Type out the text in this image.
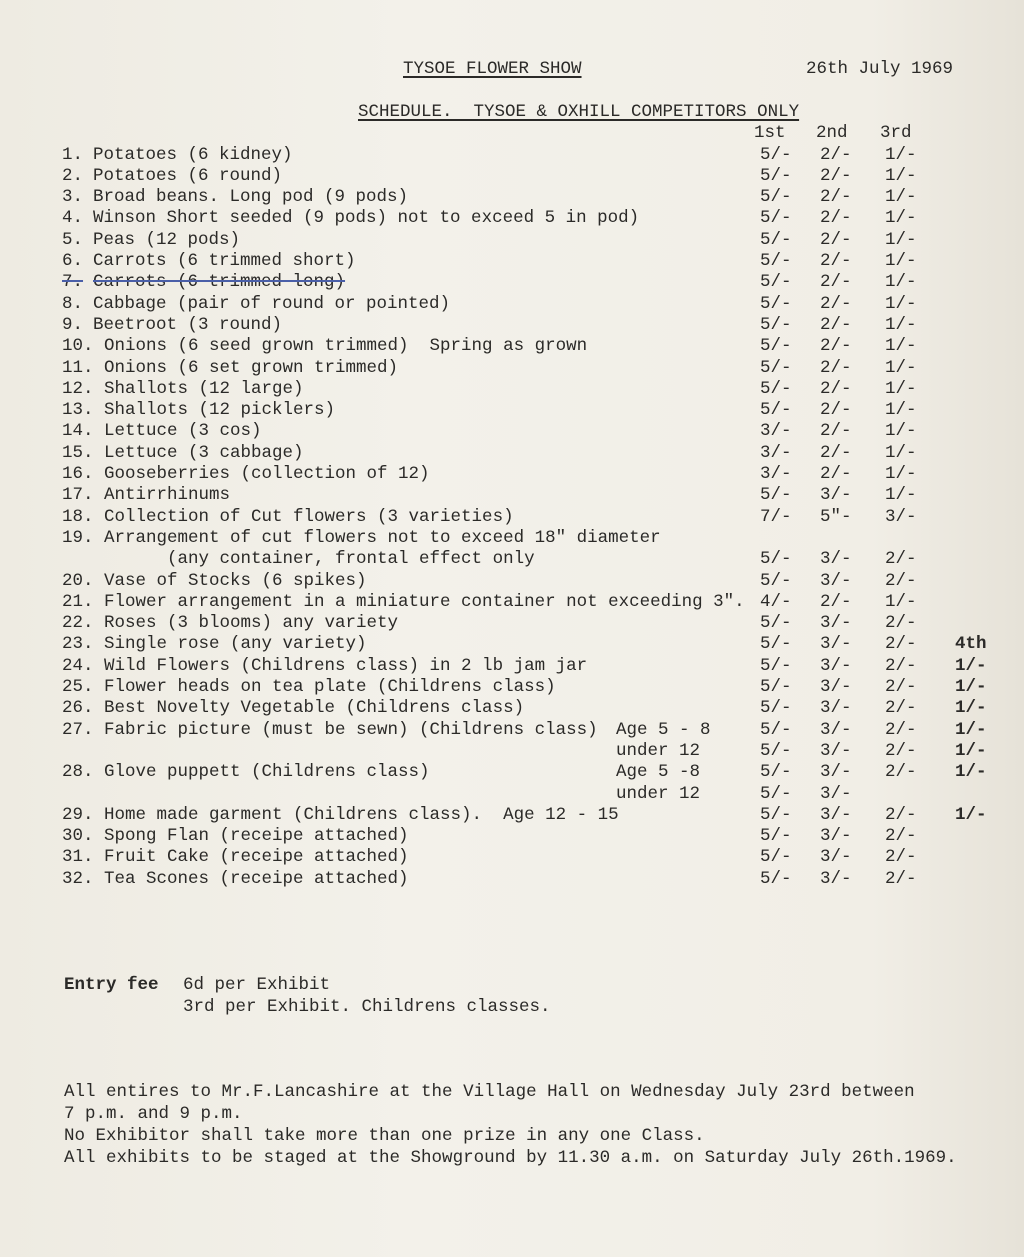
TYSOE FLOWER SHOW	26th July 1969
SCHEDULE.  TYSOE & OXHILL COMPETITORS ONLY
1st 2nd 3rd
1. Potatoes (6 kidney)	5/- 2/- 1/-
2. Potatoes (6 round)	5/- 2/- 1/-
3. Broad beans. Long pod (9 pods)	5/- 2/- 1/-
4. Winson Short seeded (9 pods) not to exceed 5 in pod)	5/- 2/- 1/-
5. Peas (12 pods)	5/- 2/- 1/-
6. Carrots (6 trimmed short)	5/- 2/- 1/-
7. Carrots (6 trimmed long)	5/- 2/- 1/-
8. Cabbage (pair of round or pointed)	5/- 2/- 1/-
9. Beetroot (3 round)	5/- 2/- 1/-
10. Onions (6 seed grown trimmed)  Spring as grown	5/- 2/- 1/-
11. Onions (6 set grown trimmed)	5/- 2/- 1/-
12. Shallots (12 large)	5/- 2/- 1/-
13. Shallots (12 picklers)	5/- 2/- 1/-
14. Lettuce (3 cos)	3/- 2/- 1/-
15. Lettuce (3 cabbage)	3/- 2/- 1/-
16. Gooseberries (collection of 12)	3/- 2/- 1/-
17. Antirrhinums	5/- 3/- 1/-
18. Collection of Cut flowers (3 varieties)	7/- 5"- 3/-
19. Arrangement of cut flowers not to exceed 18" diameter
(any container, frontal effect only	5/- 3/- 2/-
20. Vase of Stocks (6 spikes)	5/- 3/- 2/-
21. Flower arrangement in a miniature container not exceeding 3". 4/- 2/- 1/-
22. Roses (3 blooms) any variety	5/- 3/- 2/-
23. Single rose (any variety)	5/- 3/- 2/- 4th
24. Wild Flowers (Childrens class) in 2 lb jam jar	5/- 3/- 2/- 1/-
25. Flower heads on tea plate (Childrens class)	5/- 3/- 2/- 1/-
26. Best Novelty Vegetable (Childrens class)	5/- 3/- 2/- 1/-
27. Fabric picture (must be sewn) (Childrens class) Age 5 - 8	5/- 3/- 2/- 1/-
under 12	5/- 3/- 2/- 1/-
28. Glove puppett (Childrens class)	Age 5 -8	5/- 3/- 2/- 1/-
under 12	5/- 3/-
29. Home made garment (Childrens class).  Age 12 - 15	5/- 3/- 2/- 1/-
30. Spong Flan (receipe attached)	5/- 3/- 2/-
31. Fruit Cake (receipe attached)	5/- 3/- 2/-
32. Tea Scones (receipe attached)	5/- 3/- 2/-
Entry fee 6d per Exhibit
3rd per Exhibit. Childrens classes.
All entires to Mr.F.Lancashire at the Village Hall on Wednesday July 23rd between
7 p.m. and 9 p.m.
No Exhibitor shall take more than one prize in any one Class.
All exhibits to be staged at the Showground by 11.30 a.m. on Saturday July 26th.1969.
